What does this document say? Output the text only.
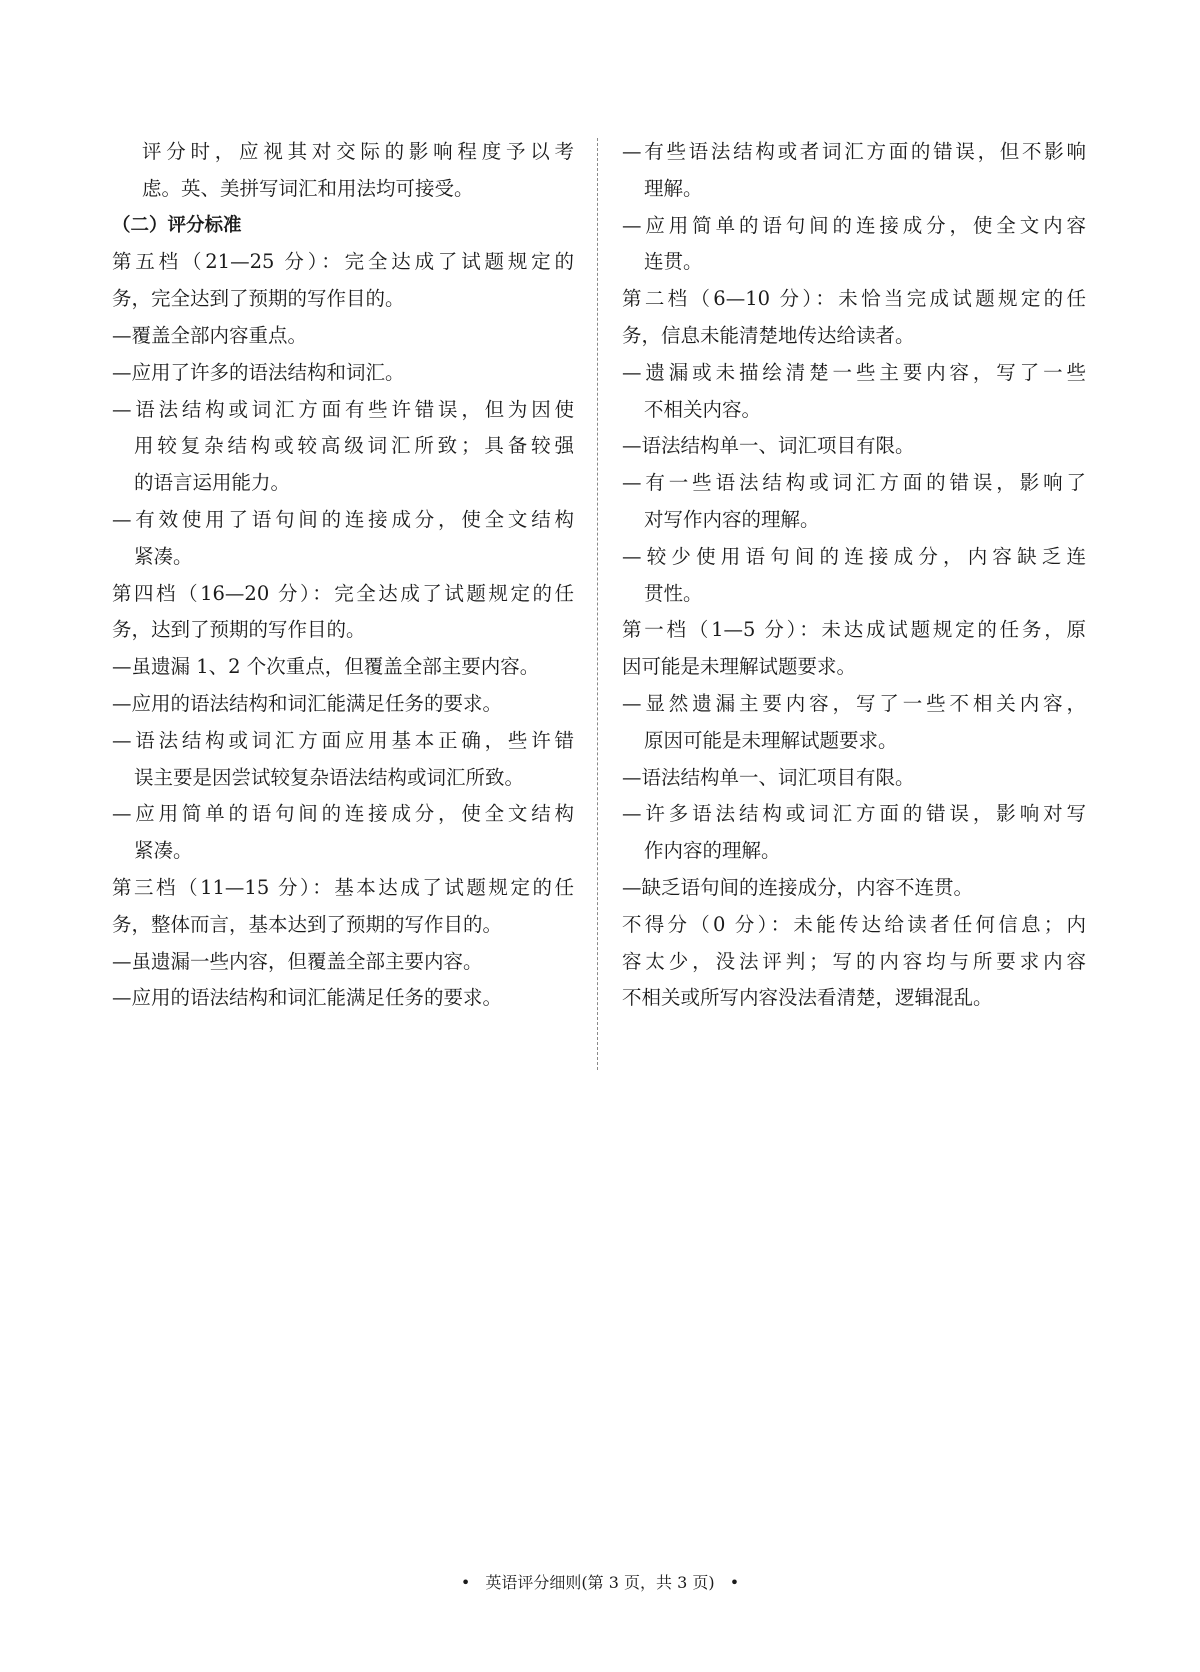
评分时，应视其对交际的影响程度予以考
虑。英、美拼写词汇和用法均可接受。
（二）评分标准
第五档（21—25 分）：完全达成了试题规定的
务，完全达到了预期的写作目的。
—覆盖全部内容重点。
—应用了许多的语法结构和词汇。
—语法结构或词汇方面有些许错误，但为因使
用较复杂结构或较高级词汇所致；具备较强
的语言运用能力。
—有效使用了语句间的连接成分，使全文结构
紧凑。
第四档（16—20 分）：完全达成了试题规定的任
务，达到了预期的写作目的。
—虽遗漏 1、2 个次重点，但覆盖全部主要内容。
—应用的语法结构和词汇能满足任务的要求。
—语法结构或词汇方面应用基本正确，些许错
误主要是因尝试较复杂语法结构或词汇所致。
—应用简单的语句间的连接成分，使全文结构
紧凑。
第三档（11—15 分）：基本达成了试题规定的任
务，整体而言，基本达到了预期的写作目的。
—虽遗漏一些内容，但覆盖全部主要内容。
—应用的语法结构和词汇能满足任务的要求。
—有些语法结构或者词汇方面的错误，但不影响
理解。
—应用简单的语句间的连接成分，使全文内容
连贯。
第二档（6—10 分）：未恰当完成试题规定的任
务，信息未能清楚地传达给读者。
—遗漏或未描绘清楚一些主要内容，写了一些
不相关内容。
—语法结构单一、词汇项目有限。
—有一些语法结构或词汇方面的错误，影响了
对写作内容的理解。
—较少使用语句间的连接成分，内容缺乏连
贯性。
第一档（1—5 分）：未达成试题规定的任务，原
因可能是未理解试题要求。
—显然遗漏主要内容，写了一些不相关内容，
原因可能是未理解试题要求。
—语法结构单一、词汇项目有限。
—许多语法结构或词汇方面的错误，影响对写
作内容的理解。
—缺乏语句间的连接成分，内容不连贯。
不得分（0 分）：未能传达给读者任何信息；内
容太少，没法评判；写的内容均与所要求内容
不相关或所写内容没法看清楚，逻辑混乱。
• 英语评分细则(第 3 页，共 3 页) •
